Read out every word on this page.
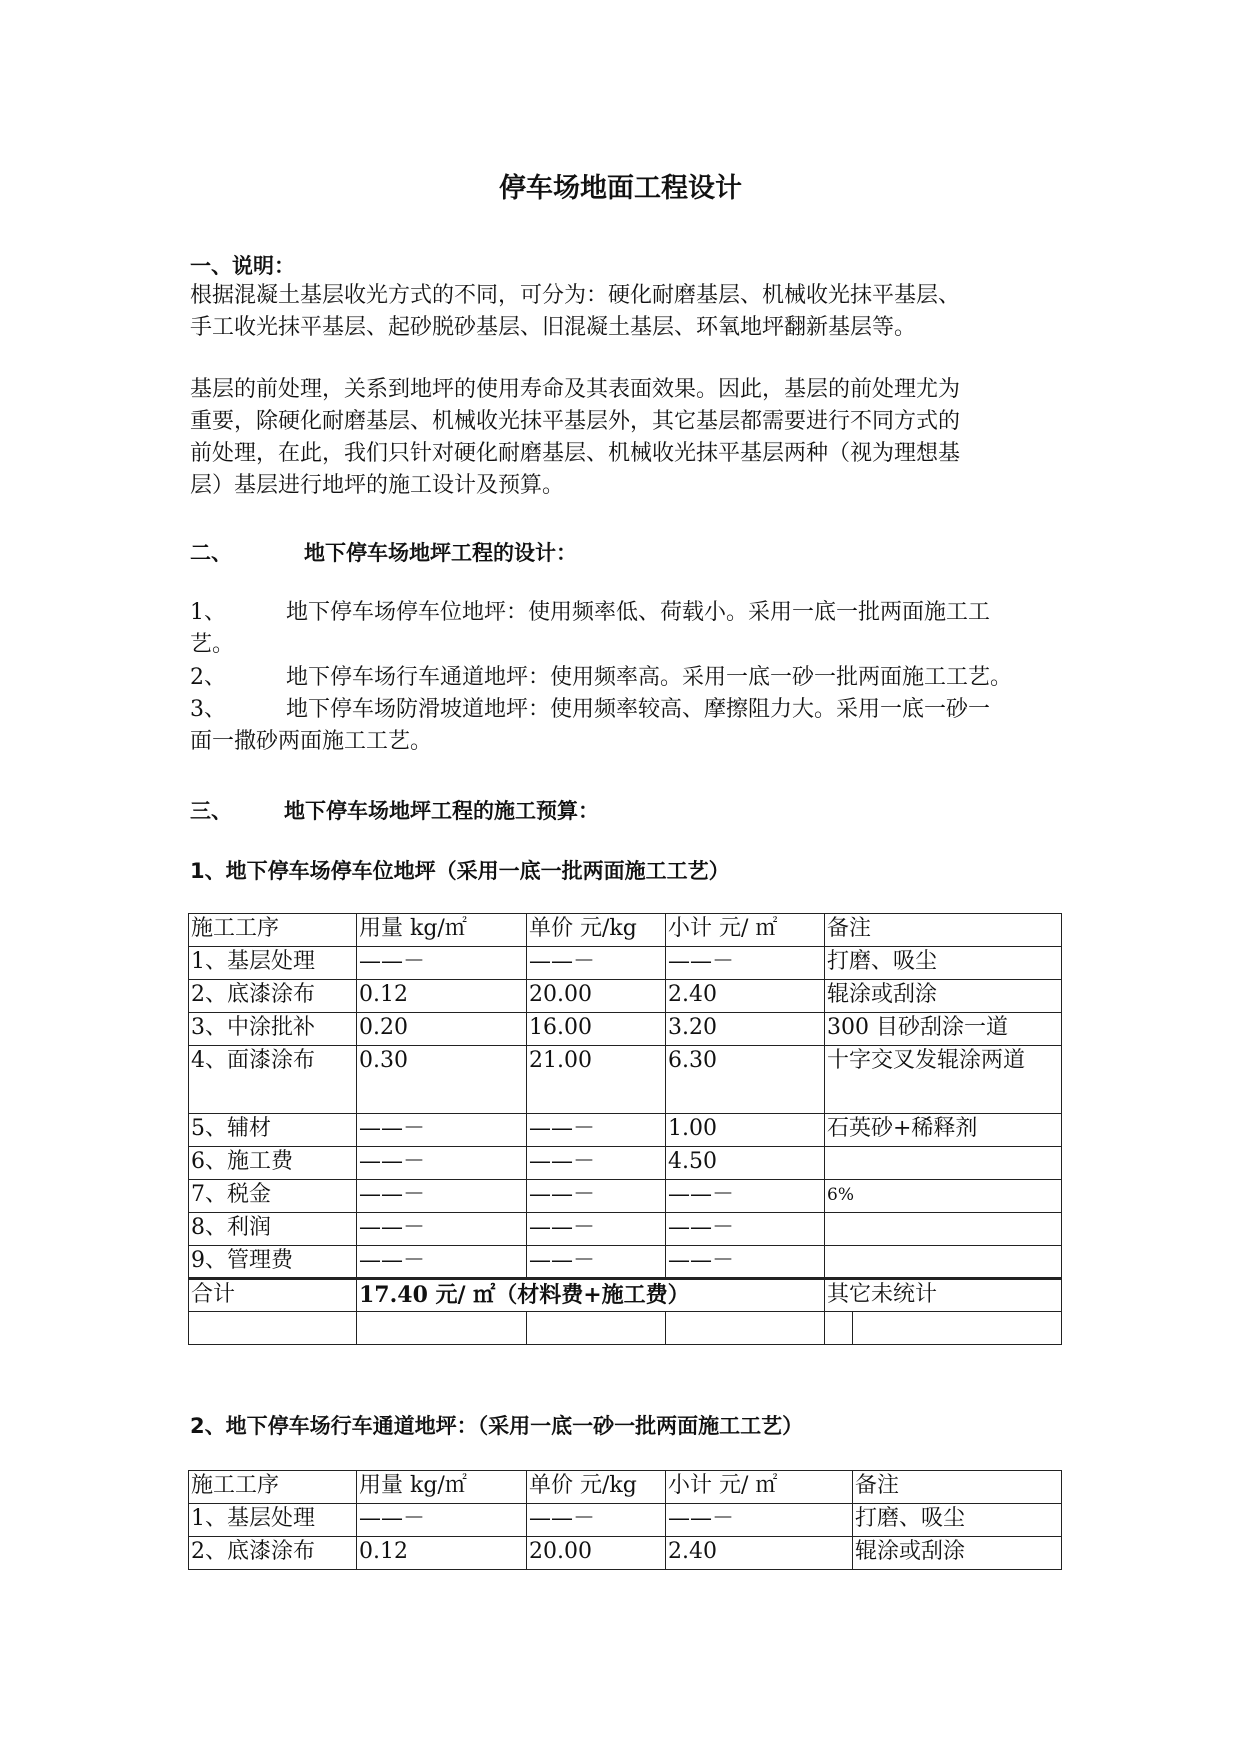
停车场地面工程设计
一、说明：
根据混凝土基层收光方式的不同，可分为：硬化耐磨基层、机械收光抹平基层、
手工收光抹平基层、起砂脱砂基层、旧混凝土基层、环氧地坪翻新基层等。
基层的前处理，关系到地坪的使用寿命及其表面效果。因此，基层的前处理尤为
重要，除硬化耐磨基层、机械收光抹平基层外，其它基层都需要进行不同方式的
前处理，在此，我们只针对硬化耐磨基层、机械收光抹平基层两种（视为理想基
层）基层进行地坪的施工设计及预算。
二、	地下停车场地坪工程的设计：
1、	地下停车场停车位地坪：使用频率低、荷载小。采用一底一批两面施工工
艺。
2、	地下停车场行车通道地坪：使用频率高。采用一底一砂一批两面施工工艺。
3、	地下停车场防滑坡道地坪：使用频率较高、摩擦阻力大。采用一底一砂一
面一撒砂两面施工工艺。
三、 地下停车场地坪工程的施工预算：
1、地下停车场停车位地坪（采用一底一批两面施工工艺）
施工工序	用量 kg/㎡	单价 元/kg	小计 元/ ㎡	备注	
1、基层处理	——－	——－	——－	打磨、吸尘	
2、底漆涂布	0.12	20.00	2.40	辊涂或刮涂	
3、中涂批补	0.20	16.00	3.20	300 目砂刮涂一道	
4、面漆涂布	0.30	21.00	6.30	十字交叉发辊涂两道	
5、辅材	——－	——－	1.00	石英砂+稀释剂	
6、施工费	——－	——－	4.50		
7、税金	——－	——－	——－	6%	
8、利润	——－	——－	——－		
9、管理费	——－	——－	——－		
合计	17.40 元/ ㎡（材料费+施工费）			其它未统计	

2、地下停车场行车通道地坪：（采用一底一砂一批两面施工工艺）
施工工序	用量 kg/㎡	单价 元/kg	小计 元/ ㎡	备注
1、基层处理	——－	——－	——－	打磨、吸尘
2、底漆涂布	0.12	20.00	2.40	辊涂或刮涂
